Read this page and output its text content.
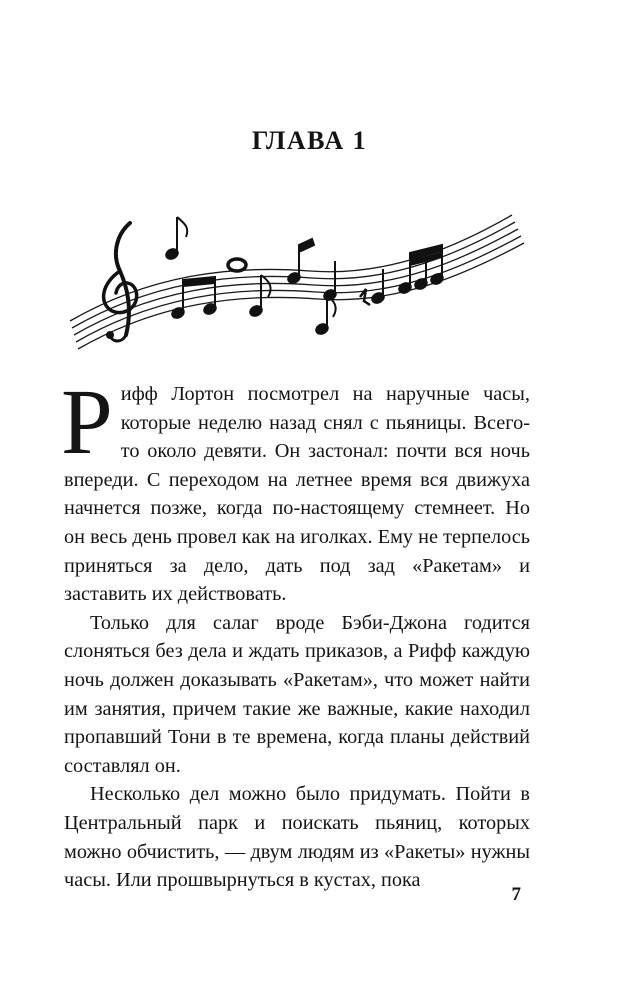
ГЛАВА 1

Рифф Лортон посмотрел на наручные часы, которые неделю назад снял с пьяницы. Всего-то около девяти. Он застонал: почти вся ночь впереди. С переходом на летнее время вся движуха начнется позже, когда по-настоящему стемнеет. Но он весь день провел как на иголках. Ему не терпелось приняться за дело, дать под зад «Ракетам» и заставить их действовать.

Только для салаг вроде Бэби-Джона годится слоняться без дела и ждать приказов, а Рифф каждую ночь должен доказывать «Ракетам», что может найти им занятия, причем такие же важные, какие находил пропавший Тони в те времена, когда планы действий составлял он.

Несколько дел можно было придумать. Пойти в Центральный парк и поискать пьяниц, которых можно обчистить, — двум людям из «Ракеты» нужны часы. Или прошвырнуться в кустах, пока

7
